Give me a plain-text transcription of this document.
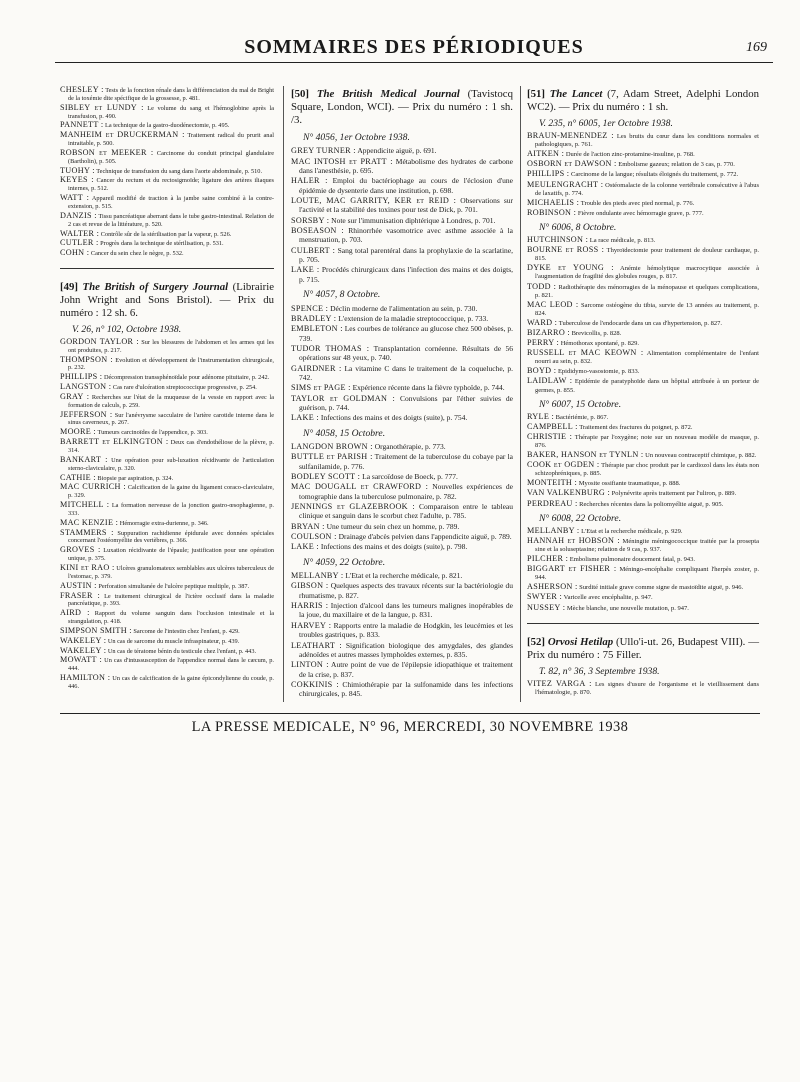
SOMMAIRES DES PÉRIODIQUES	169
CHESLEY : Tests de la fonction rénale dans la différenciation du mal de Bright de la toxémie dite spécifique de la grossesse, p. 481.
SIBLEY et LUNDY : Le volume du sang et l'hémoglobine après la transfusion, p. 490.
PANNETT : La technique de la gastro-duodénectomie, p. 495.
MANHEIM et DRUCKERMAN : Traitement radical du prurit anal intraitable, p. 500.
ROBSON et MEEKER : Carcinome du conduit principal glandulaire (Bartholin), p. 505.
TUOHY : Technique de transfusion du sang dans l'aorte abdominale, p. 510.
KEYES : Cancer du rectum et du rectosigmoïde; ligature des artères iliaques internes, p. 512.
WATT : Appareil modifié de traction à la jambe saine combiné à la contre-extension, p. 515.
DANZIS : Tissu pancréatique aberrant dans le tube gastro-intestinal. Relation de 2 cas et revue de la littérature, p. 520.
WALTER : Contrôle sûr de la stérilisation par la vapeur, p. 526.
CUTLER : Progrès dans la technique de stérilisation, p. 531.
COHN : Cancer du sein chez le nègre, p. 532.
[49] The British of Surgery Journal (Librairie John Wright and Sons Bristol). — Prix du numéro : 12 sh. 6.
V. 26, n° 102, Octobre 1938.
GORDON TAYLOR : Sur les blessures de l'abdomen et les armes qui les ont produites, p. 217.
THOMPSON : Evolution et développement de l'instrumentation chirurgicale, p. 232.
PHILLIPS : Décompression transsphénoïdale pour adénome pituitaire, p. 242.
LANGSTON : Cas rare d'ulcération streptococcique progressive, p. 254.
GRAY : Recherches sur l'état de la muqueuse de la vessie en rapport avec la formation de calculs, p. 259.
JEFFERSON : Sur l'anévrysme sacculaire de l'artère carotide interne dans le sinus caverneux, p. 267.
MOORE : Tumeurs carcinoïdes de l'appendice, p. 303.
BARRETT et ELKINGTON : Deux cas d'endothéliose de la plèvre, p. 314.
BANKART : Une opération pour sub-luxation récidivante de l'articulation sterno-claviculaire, p. 320.
CATHIE : Biopsie par aspiration, p. 324.
MAC CURRICH : Calcification de la gaine du ligament coraco-claviculaire, p. 329.
MITCHELL : La formation nerveuse de la jonction gastro-œsophagienne, p. 333.
MAC KENZIE : Hémorragie extra-durienne, p. 346.
STAMMERS : Suppuration rachidienne épidurale avec données spéciales concernant l'ostéomyélite des vertèbres, p. 366.
GROVES : Luxation récidivante de l'épaule; justification pour une opération unique, p. 375.
KINI et RAO : Ulcères granulomateux semblables aux ulcères tuberculeux de l'estomac, p. 379.
AUSTIN : Perforation simultanée de l'ulcère peptique multiple, p. 387.
FRASER : Le traitement chirurgical de l'ictère occlusif dans la maladie pancréatique, p. 393.
AIRD : Rapport du volume sanguin dans l'occlusion intestinale et la strangulation, p. 418.
SIMPSON SMITH : Sarcome de l'intestin chez l'enfant, p. 429.
WAKELEY : Un cas de sarcome du muscle infraspinateur, p. 439.
WAKELEY : Un cas de tératome bénin du testicule chez l'enfant, p. 443.
MOWATT : Un cas d'intussusception de l'appendice normal dans le cæcum, p. 444.
HAMILTON : Un cas de calcification de la gaine épicondylienne du coude, p. 446.
[50] The British Medical Journal (Tavistocq Square, London, WCI). — Prix du numéro : 1 sh. /3.
N° 4056, 1er Octobre 1938.
GREY TURNER : Appendicite aiguë, p. 691.
MAC INTOSH et PRATT : Métabolisme des hydrates de carbone dans l'anesthésie, p. 695.
HALER : Emploi du bactériophage au cours de l'éclosion d'une épidémie de dysenterie dans une institution, p. 698.
LOUTE, MAC GARRITY, KER et REID : Observations sur l'activité et la stabilité des toxines pour test de Dick, p. 701.
SORSBY : Note sur l'immunisation diphtérique à Londres, p. 701.
BOSEASON : Rhinorrhée vasomotrice avec asthme associée à la menstruation, p. 703.
CULBERT : Sang total parentéral dans la prophylaxie de la scarlatine, p. 705.
LAKE : Procédés chirurgicaux dans l'infection des mains et des doigts, p. 715.
N° 4057, 8 Octobre.
SPENCE : Déclin moderne de l'alimentation au sein, p. 730.
BRADLEY : L'extension de la maladie streptococcique, p. 733.
EMBLETON : Les courbes de tolérance au glucose chez 500 obèses, p. 739.
TUDOR THOMAS : Transplantation cornéenne. Résultats de 56 opérations sur 48 yeux, p. 740.
GAIRDNER : La vitamine C dans le traitement de la coqueluche, p. 742.
SIMS et PAGE : Expérience récente dans la fièvre typhoïde, p. 744.
TAYLOR et GOLDMAN : Convulsions par l'éther suivies de guérison, p. 744.
LAKE : Infections des mains et des doigts (suite), p. 754.
N° 4058, 15 Octobre.
LANGDON BROWN : Organothérapie, p. 773.
BUTTLE et PARISH : Traitement de la tuberculose du cobaye par la sulfanilamide, p. 776.
BODLEY SCOTT : La sarcoïdose de Boeck, p. 777.
MAC DOUGALL et CRAWFORD : Nouvelles expériences de tomographie dans la tuberculose pulmonaire, p. 782.
JENNINGS et GLAZEBROOK : Comparaison entre le tableau clinique et sanguin dans le scorbut chez l'adulte, p. 785.
BRYAN : Une tumeur du sein chez un homme, p. 789.
COULSON : Drainage d'abcès pelvien dans l'appendicite aiguë, p. 789.
LAKE : Infections des mains et des doigts (suite), p. 798.
N° 4059, 22 Octobre.
MELLANBY : L'Etat et la recherche médicale, p. 821.
GIBSON : Quelques aspects des travaux récents sur la bactériologie du rhumatisme, p. 827.
HARRIS : Injection d'alcool dans les tumeurs malignes inopérables de la joue, du maxillaire et de la langue, p. 831.
HARVEY : Rapports entre la maladie de Hodgkin, les leucémies et les troubles gastriques, p. 833.
LEATHART : Signification biologique des amygdales, des glandes adénoïdes et autres masses lymphoïdes externes, p. 835.
LINTON : Autre point de vue de l'épilepsie idiopathique et traitement de la crise, p. 837.
COKKINIS : Chimiothérapie par la sulfonamide dans les infections chirurgicales, p. 845.
[51] The Lancet (7, Adam Street, Adelphi London WC2). — Prix du numéro : 1 sh.
V. 235, n° 6005, 1er Octobre 1938.
BRAUN-MENENDEZ : Les bruits du cœur dans les conditions normales et pathologiques, p. 761.
AITKEN : Durée de l'action zinc-protamine-insuline, p. 768.
OSBORN et DAWSON : Embolisme gazeux; relation de 3 cas, p. 770.
PHILLIPS : Carcinome de la langue; résultats éloignés du traitement, p. 772.
MEULENGRACHT : Ostéomalacie de la colonne vertébrale consécutive à l'abus de laxatifs, p. 774.
MICHAELIS : Trouble des pieds avec pied normal, p. 776.
ROBINSON : Fièvre ondulante avec hémorragie grave, p. 777.
N° 6006, 8 Octobre.
HUTCHINSON : La race médicale, p. 813.
BOURNE et ROSS : Thyroïdectomie pour traitement de douleur cardiaque, p. 815.
DYKE et YOUNG : Anémie hémolytique macrocytique associée à l'augmentation de fragilité des globules rouges, p. 817.
TODD : Radiothérapie des ménorragies de la ménopause et quelques complications, p. 821.
MAC LEOD : Sarcome ostéogène du tibia, survie de 13 années au traitement, p. 824.
WARD : Tuberculose de l'endocarde dans un cas d'hypertension, p. 827.
BIZARRO : Brevicollis, p. 828.
PERRY : Hémothorax spontané, p. 829.
RUSSELL et MAC KEOWN : Alimentation complémentaire de l'enfant nourri au sein, p. 832.
BOYD : Epididymo-vasostomie, p. 833.
LAIDLAW : Epidémie de paratyphoïde dans un hôpital attribuée à un porteur de germes, p. 855.
N° 6007, 15 Octobre.
RYLE : Bactériémie, p. 867.
CAMPBELL : Traitement des fractures du poignet, p. 872.
CHRISTIE : Thérapie par l'oxygène; note sur un nouveau modèle de masque, p. 876.
BAKER, HANSON et TYNLN : Un nouveau contraceptif chimique, p. 882.
COOK et OGDEN : Thérapie par choc produit par le cardiozol dans les états non schizophréniques, p. 885.
MONTEITH : Myosite ossifiante traumatique, p. 888.
VAN VALKENBURG : Polynévrite après traitement par l'uliron, p. 889.
PERDREAU : Recherches récentes dans la poliomyélite aiguë, p. 905.
N° 6008, 22 Octobre.
MELLANBY : L'Etat et la recherche médicale, p. 929.
HANNAH et HOBSON : Méningite méningococcique traitée par la prosepta sine et la soluseptasine; relation de 9 cas, p. 937.
PILCHER : Embolisme pulmonaire doucement fatal, p. 943.
BIGGART et FISHER : Méningo-encéphalie compliquant l'herpès zoster, p. 944.
ASHERSON : Surdité initiale grave comme signe de mastoïdite aiguë, p. 946.
SWYER : Varicelle avec encéphalite, p. 947.
NUSSEY : Mèche blanche, une nouvelle mutation, p. 947.
[52] Orvosi Hetilap (Ullo'i-ut. 26, Budapest VIII). — Prix du numéro : 75 Filler.
T. 82, n° 36, 3 Septembre 1938.
VITEZ VARGA : Les signes d'usure de l'organisme et le vieillissement dans l'hématologie, p. 870.
LA PRESSE MEDICALE, N° 96, MERCREDI, 30 NOVEMBRE 1938
